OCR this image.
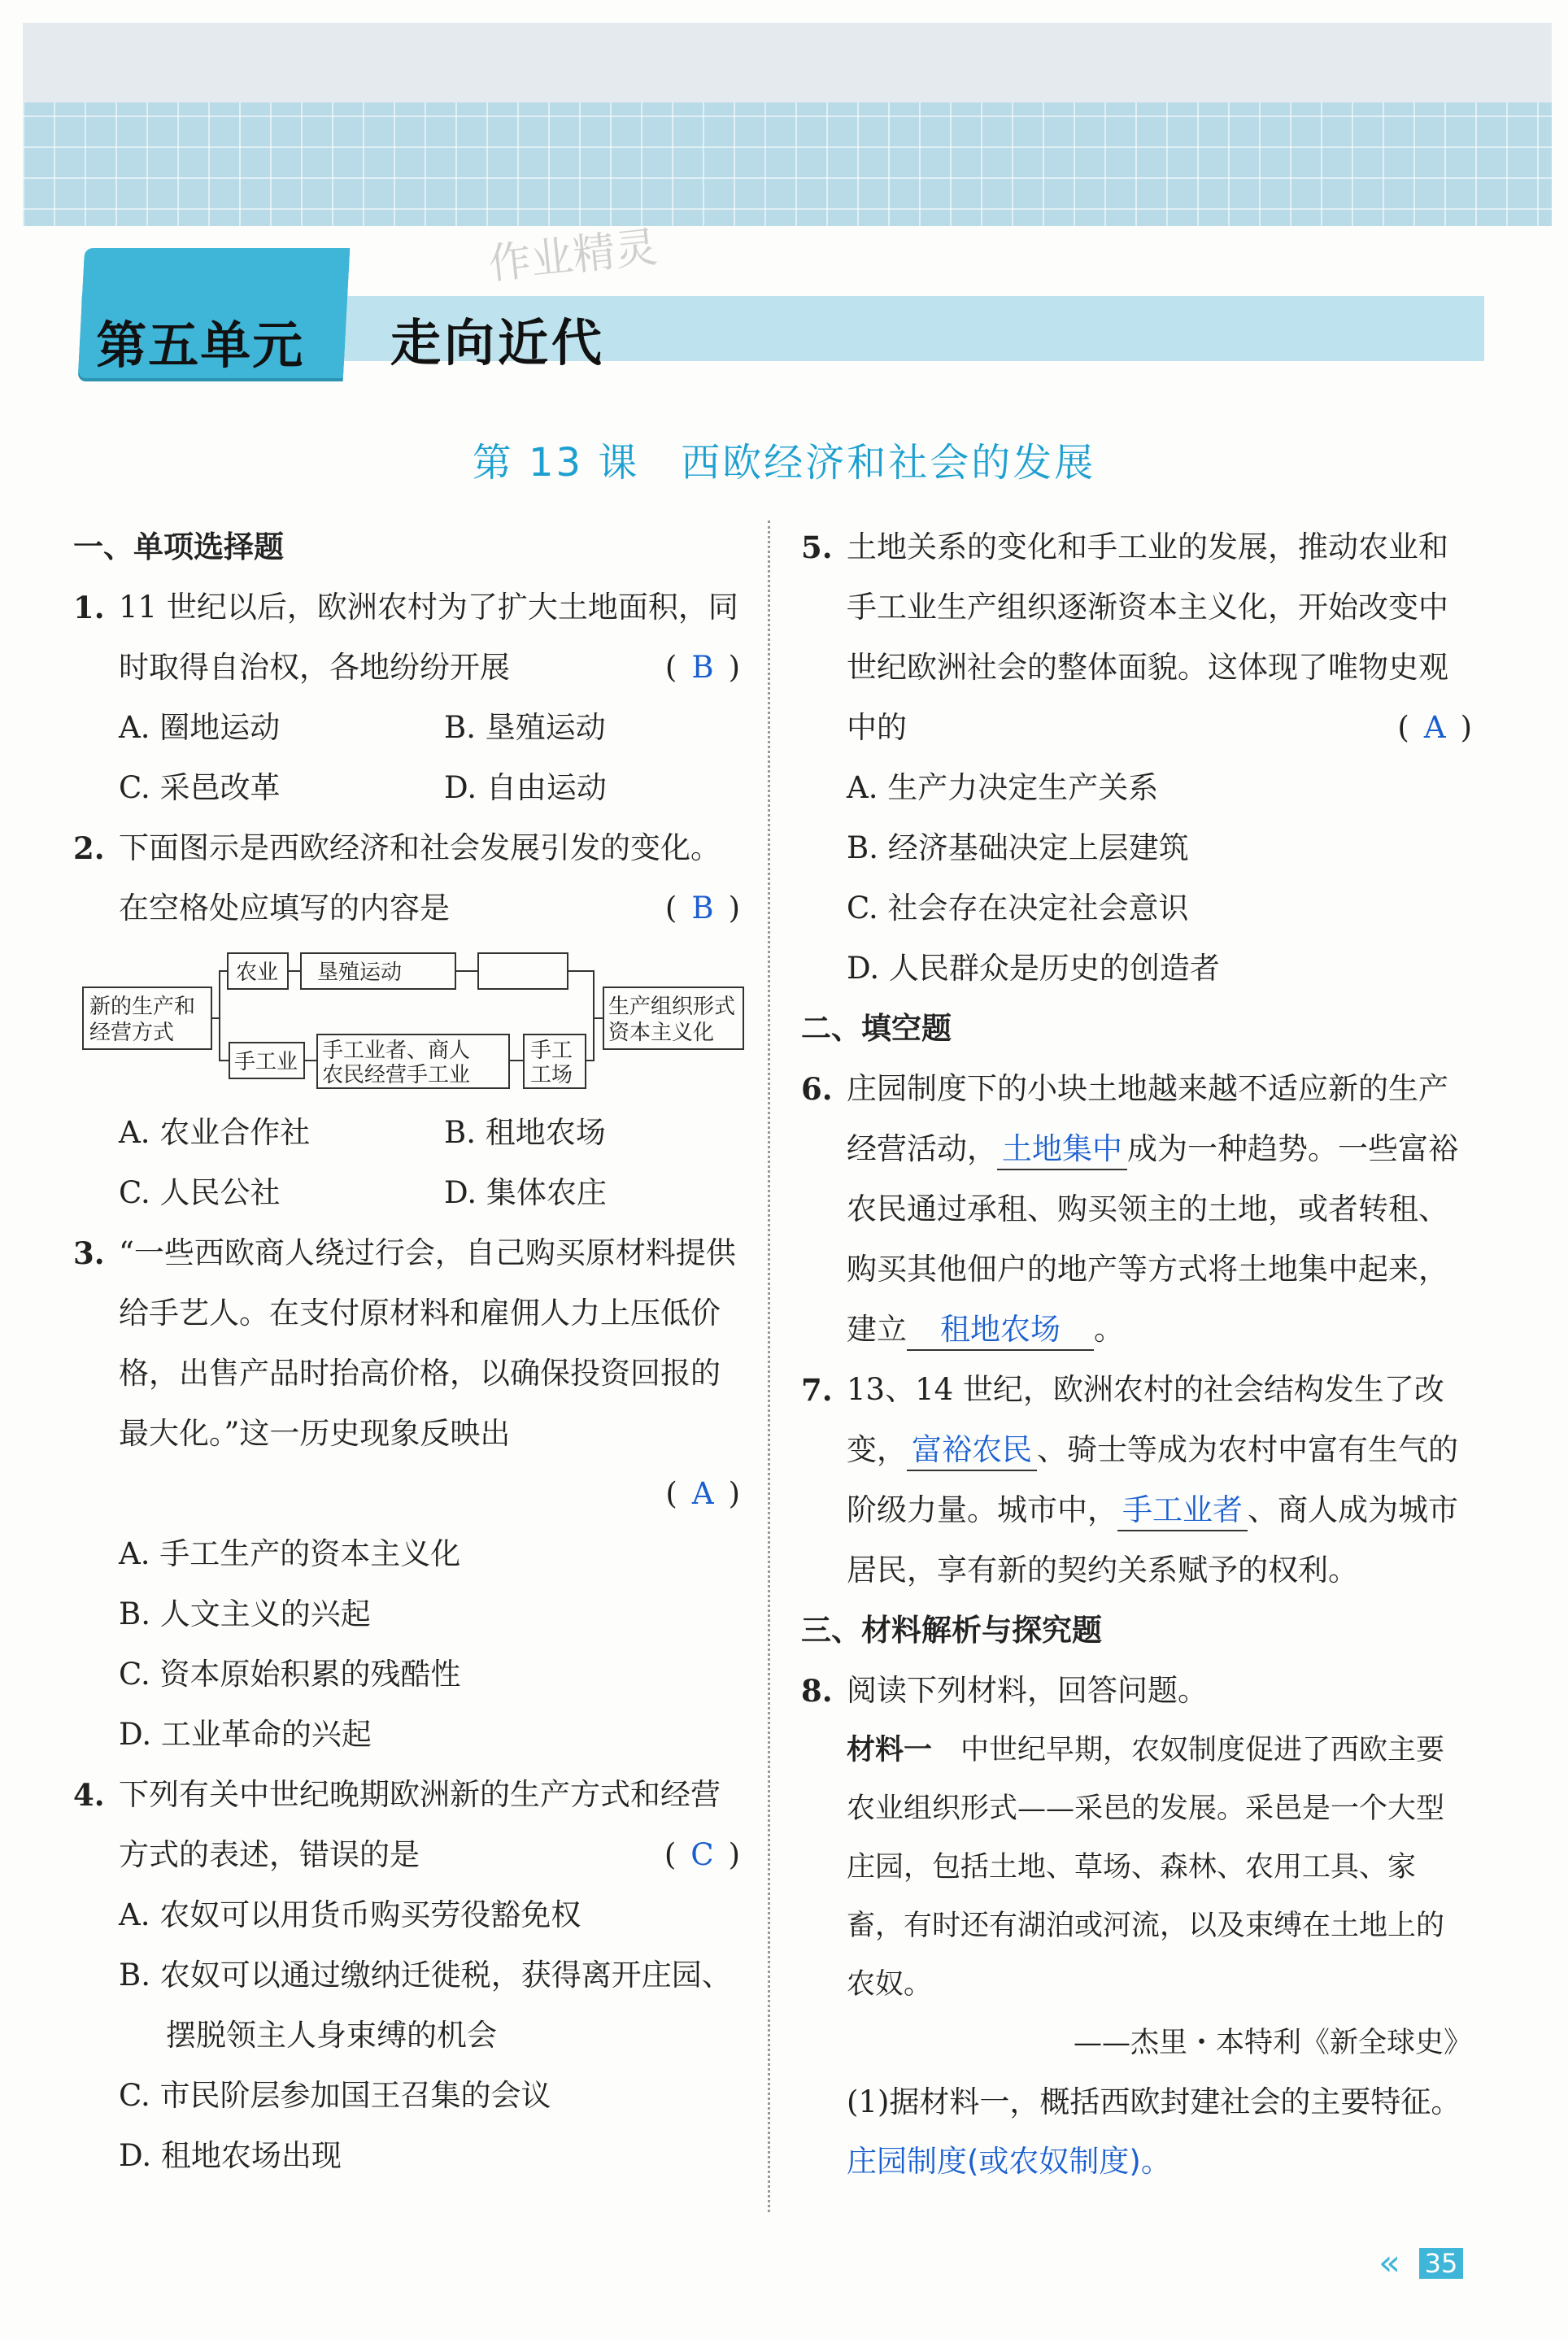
第五单元 走向近代
作业精灵
第 13 课　西欧经济和社会的发展
一、单项选择题
1. 11 世纪以后，欧洲农村为了扩大土地面积，同时取得自治权，各地纷纷开展	( B )
A. 圈地运动	B. 垦殖运动
C. 采邑改革	D. 自由运动
2. 下面图示是西欧经济和社会发展引发的变化。在空格处应填写的内容是	( B )
新的生产和
经营方式
农业 垦殖运动
手工业 手工业者、商人
农民经营手工业
手工
工场
生产组织形式
资本主义化
A. 农业合作社	B. 租地农场
C. 人民公社	D. 集体农庄
3. “一些西欧商人绕过行会，自己购买原材料提供给手艺人。在支付原材料和雇佣人力上压低价格，出售产品时抬高价格，以确保投资回报的最大化。”这一历史现象反映出
( A )
A. 手工生产的资本主义化
B. 人文主义的兴起
C. 资本原始积累的残酷性
D. 工业革命的兴起
4. 下列有关中世纪晚期欧洲新的生产方式和经营方式的表述，错误的是	( C )
A. 农奴可以用货币购买劳役豁免权
B. 农奴可以通过缴纳迁徙税，获得离开庄园、摆脱领主人身束缚的机会
C. 市民阶层参加国王召集的会议
D. 租地农场出现
5. 土地关系的变化和手工业的发展，推动农业和手工业生产组织逐渐资本主义化，开始改变中世纪欧洲社会的整体面貌。这体现了唯物史观中的	( A )
A. 生产力决定生产关系
B. 经济基础决定上层建筑
C. 社会存在决定社会意识
D. 人民群众是历史的创造者
二、填空题
6. 庄园制度下的小块土地越来越不适应新的生产经营活动， 土地集中 成为一种趋势。一些富裕农民通过承租、购买领主的土地，或者转租、购买其他佃户的地产等方式将土地集中起来，建立 租地农场 。
7. 13、14 世纪，欧洲农村的社会结构发生了改变， 富裕农民 、骑士等成为农村中富有生气的阶级力量。城市中， 手工业者 、商人成为城市居民，享有新的契约关系赋予的权利。
三、材料解析与探究题
8. 阅读下列材料，回答问题。
材料一　中世纪早期，农奴制度促进了西欧主要农业组织形式——采邑的发展。采邑是一个大型庄园，包括土地、草场、森林、农用工具、家畜，有时还有湖泊或河流，以及束缚在土地上的农奴。
——杰里・本特利《新全球史》
(1)据材料一，概括西欧封建社会的主要特征。
庄园制度(或农奴制度)。
« 35
